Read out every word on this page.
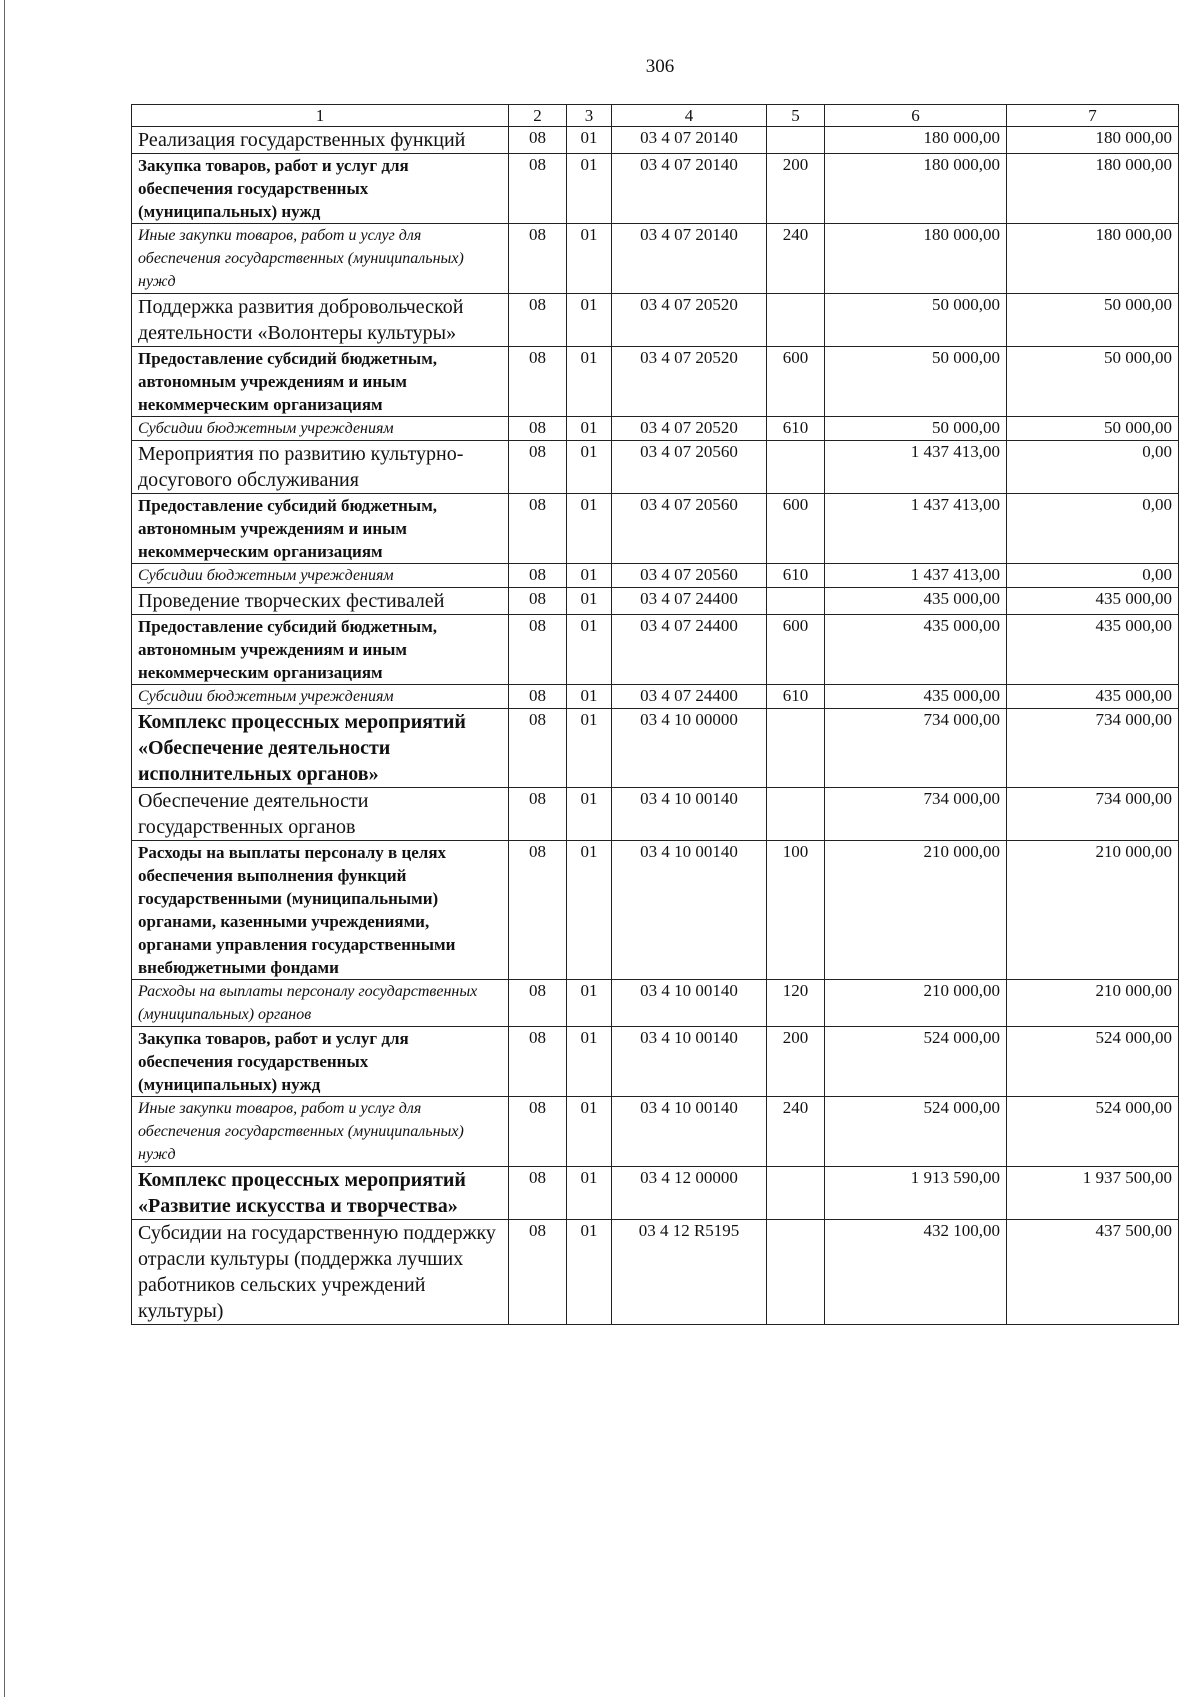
306
1	2	3	4	5	6	7
Реализация государственных функций	08	01	03 4 07 20140		180 000,00	180 000,00
Закупка товаров, работ и услуг для обеспечения государственных (муниципальных) нужд	08	01	03 4 07 20140	200	180 000,00	180 000,00
Иные закупки товаров, работ и услуг для обеспечения государственных (муниципальных) нужд	08	01	03 4 07 20140	240	180 000,00	180 000,00
Поддержка развития добровольческой деятельности «Волонтеры культуры»	08	01	03 4 07 20520		50 000,00	50 000,00
Предоставление субсидий бюджетным, автономным учреждениям и иным некоммерческим организациям	08	01	03 4 07 20520	600	50 000,00	50 000,00
Субсидии бюджетным учреждениям	08	01	03 4 07 20520	610	50 000,00	50 000,00
Мероприятия по развитию культурно-досугового обслуживания	08	01	03 4 07 20560		1 437 413,00	0,00
Предоставление субсидий бюджетным, автономным учреждениям и иным некоммерческим организациям	08	01	03 4 07 20560	600	1 437 413,00	0,00
Субсидии бюджетным учреждениям	08	01	03 4 07 20560	610	1 437 413,00	0,00
Проведение творческих фестивалей	08	01	03 4 07 24400		435 000,00	435 000,00
Предоставление субсидий бюджетным, автономным учреждениям и иным некоммерческим организациям	08	01	03 4 07 24400	600	435 000,00	435 000,00
Субсидии бюджетным учреждениям	08	01	03 4 07 24400	610	435 000,00	435 000,00
Комплекс процессных мероприятий «Обеспечение деятельности исполнительных органов»	08	01	03 4 10 00000		734 000,00	734 000,00
Обеспечение деятельности государственных органов	08	01	03 4 10 00140		734 000,00	734 000,00
Расходы на выплаты персоналу в целях обеспечения выполнения функций государственными (муниципальными) органами, казенными учреждениями, органами управления государственными внебюджетными фондами	08	01	03 4 10 00140	100	210 000,00	210 000,00
Расходы на выплаты персоналу государственных (муниципальных) органов	08	01	03 4 10 00140	120	210 000,00	210 000,00
Закупка товаров, работ и услуг для обеспечения государственных (муниципальных) нужд	08	01	03 4 10 00140	200	524 000,00	524 000,00
Иные закупки товаров, работ и услуг для обеспечения государственных (муниципальных) нужд	08	01	03 4 10 00140	240	524 000,00	524 000,00
Комплекс процессных мероприятий «Развитие искусства и творчества»	08	01	03 4 12 00000		1 913 590,00	1 937 500,00
Субсидии на государственную поддержку отрасли культуры (поддержка лучших работников сельских учреждений культуры)	08	01	03 4 12 R5195		432 100,00	437 500,00
